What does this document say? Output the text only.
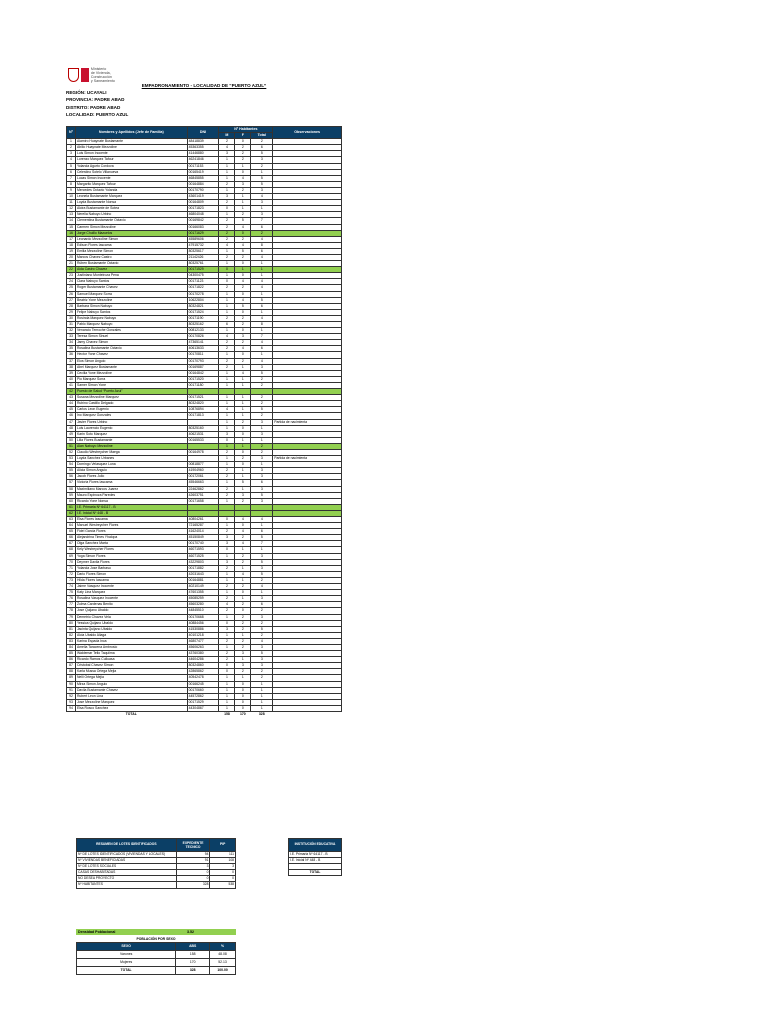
Ministerio
de Vivienda, Construcción
y Saneamiento
EMPADRONAMIENTO - LOCALIDAD DE “PUERTO AZUL”
REGIÓN: UCAYALI
PROVINCIA: PADRE ABAD
DISTRITO: PADRE ABAD
LOCALIDAD: PUERTO AZUL
Nº	Nombres y Apellidos (Jefe de Familia)	DNI	Nº Habitantes			Observaciones
			M	F	Total	
1	Alamiro Huaynate Bustamante	48418839	2	0	2	
2	Abilio Huaynate Mezzoline	45363355	4	2	6	
3	Luis Simon Inocente	41446880	3	2	5	
4	Lorenzo Marquez Tafour	46241846	1	2	3	
5	Yolanda Agurto Cordova	00171153	1	1	2	
6	Celestino Sotelo Villanueva	00165419	1	0	1	
7	Lucas Simon Inocente	46845855	1	4	5	
8	Margarito Marquez Tafour	00164884	2	3	5	
9	Mercedes Octavio Yolanda	00170790	1	2	3	
10	Leonela Bustamante Marquez	43601419	3	1	4	
11	Loyda Bustamante Nonsa	00164809	2	1	3	
12	Alcira Bustamante de Sotea	00171823	0	1	1	
13	Nerelia Nabuyo Urbino	46804048	1	2	3	
14	Clementina Bustamante Octavio	00169842	2	5	7	
15	Carmen Simon Mezzoline	00166083	2	4	6	
16	Jorge Chuillo Mazuelos	00171629	2	0	2	
17	Leonardo Mezzoline Simon	45589606	2	2	4	
18	Edison Flores Iascama	47915732	4	4	8	
19	Emilia Mezzoline Simon	80325617	1	5	6	
20	Marcos Chavez Castro	21142426	2	2	4	
21	Rúben Bustamante Octavio	80325761	1	0	1	
22	Aida Castro Chavez	00171529	0	1	1	
23	Justiniano Monteiroza Pena	04300475	1	0	1	
24	Clara Nabuyo Santos	00171123	0	4	4	
25	Roger Bustamante Chavez	00171822	2	2	4	
26	Samuel Marquez Sorra	00170278	1	0	1	
27	Beatriz Yone Mezzoline	10622804	1	4	5	
28	Barbara Simon Nabuyo	80324821	1	5	6	
29	Felipe Nabuyo Santos	00171524	1	0	1	
30	Rosinda Marquez Nabuyo	00171190	2	2	4	
31	Pablo Marquez Nabuyo	80325162	6	2	8	
32	Venancio Temoche Gonzales	00812133	1	0	1	
33	Teresa Simon Sinuel	00170826	4	3	7	
34	Jamy Chavez Simon	47365141	2	2	4	
35	Rosalina Bustamante Octavio	40613633	2	4	6	
36	Hector Yone Chavez	00170811	1	0	1	
37	Elva Simon Anguio	00170793	2	2	4	
38	Abel Marquez Bustamante	00169887	2	1	3	
39	Cecilia Yone Mezzoline	00164842	1	4	5	
40	Pio Marquez Sorra	00171520	1	1	2	
41	Samer Simon Yone	00171180	1	1	2	
42	Puesto de Salud “Puerto Azul”					
43	Susana Mezzoline Marquez	00171521	1	1	2	
44	Rubino Castillo Delgado	80324820	1	1	2	
45	Carlos Leon Eugenio	10876894	4	1	5	
46	Ino Marquez Gonzales	00171813	1	1	2	
47	Javier Flores Urbino		1	2	3	Partida de nacimienta
48	Luis Laurencio Eugenio	80325160	1	0	1	
49	Karin Soto Marquez	40621531	3	0	3	
50	Lilia Flores Bustamante	00165533	0	1	1	
51	Alan Nabuyo Mezzoline		1	1	2	
52	Claudio Westreycher Maega	00164978	2	0	2	
53	Loyda Sanchez Urbanes		1	2	3	Partida de nacimienta
54	Domingo Velasquez Luna	00818877	1	0	1	
55	Alicia Simon Anguio	41904960	2	1	3	
56	Jacob Flores Julio	00172061	2	1	3	
57	Victoria Flores Iascama	45546663	1	5	6	
58	Maximiliano Marcos Juarez	22462862	2	1	3	
59	Mauro Espinoza Paredes	42603751	2	3	5	
60	Ricardo Yone Nonsa	00171658	1	2	3	
61	I.E. Primaria Nº 64117 - B					
62	I.E. Inicial Nº 448 - B					
63	Elsa Flores Iascama	40804261	0	4	4	
64	Manuel Westreycher Flores	72165287	1	0	1	
65	Fidel Garcia Flores	41624014	2	4	6	
66	Alejandrina Times Yhalopa	45150849	3	2	5	
67	Olga Sanchez Marta	00170740	3	4	7	
68	Kely Westreycher Flores	46071593	0	1	1	
69	Yoga Simon Flores	46071525	1	2	3	
70	Deymer Davila Flores	43229803	3	2	5	
71	Yolanda Jose Barbasu	00171882	2	1	3	
72	Dario Flores Simon	42031643	1	4	5	
73	Hilda Flores Iascama	00164881	1	1	2	
74	Jaime Vasquez Inocente	40210149	2	2	4	
75	Katy Lina Marquez	47601355	1	0	1	
76	Rosalina Vasquez Inocente	45085259	2	1	3	
77	Zulma Cardenas Benito	45603280	4	2	6	
78	Jose Quijano Ubaldo	44845510	2	0	2	
79	Demetrio Chavez Vela	00170668	1	2	3	
80	Yessica Quijano Ubaldo	40884456	0	2	2	
81	Jacinta Quijano Ubaldo	41530886	3	2	5	
82	Alcia Ubaldo Aliaga	40101218	1	1	2	
83	Karina Espada Inca	46807477	2	2	4	
84	Amelia Taracena Ambrosio	45606263	1	2	3	
85	Waldemar Tello Taquiima	43760380	2	3	5	
86	Ricardo Ramos Culluasa	44604286	2	1	3	
87	Cristobal Chavez Simon	80324860	0	3	3	
88	Karla Mussa Ortega Mejia	42865862	0	2	2	
89	Nelli Ortega Mejia	40542478	1	1	2	
90	Mirza Simon Anguio	00166245	1	0	1	
91	Davila Bustamante Chavez	00170660	1	0	1	
92	Rubert Leon Lina	44572862	1	0	1	
93	Jose Mezzoline Marquez	00171529	1	0	1	
94	Elsa Rosco Sanchez	44304867	1	0	1	
	TOTAL		158	170	328	
RESUMEN DE LOTES IDENTIFICADOS	EXPEDIENTE TECNICO	PIP
Nº DE LOTES IDENTIFICADOS (VIVIENDAS Y LOCALES)	94	111
Nº VIVIENDAS BENEFICIADAS	91	108
Nº DE LOTES SOCIALES	3	3
CASAS DESHABITADAS	0	0
NO DESEA PROYECTO	0	0
Nº HABITANTES	328	538
INSTITUCIÓN EDUCATIVA
I.E. Primaria Nº 64117 - B
I.E. Inicial Nº 448 - B

TOTAL
Densidad Poblacional	3.52
POBLACIÓN POR SEXO
SEXO	ABS	%
Varones	158	48.08
Mujeres	170	52.13
TOTAL	328	100.00
